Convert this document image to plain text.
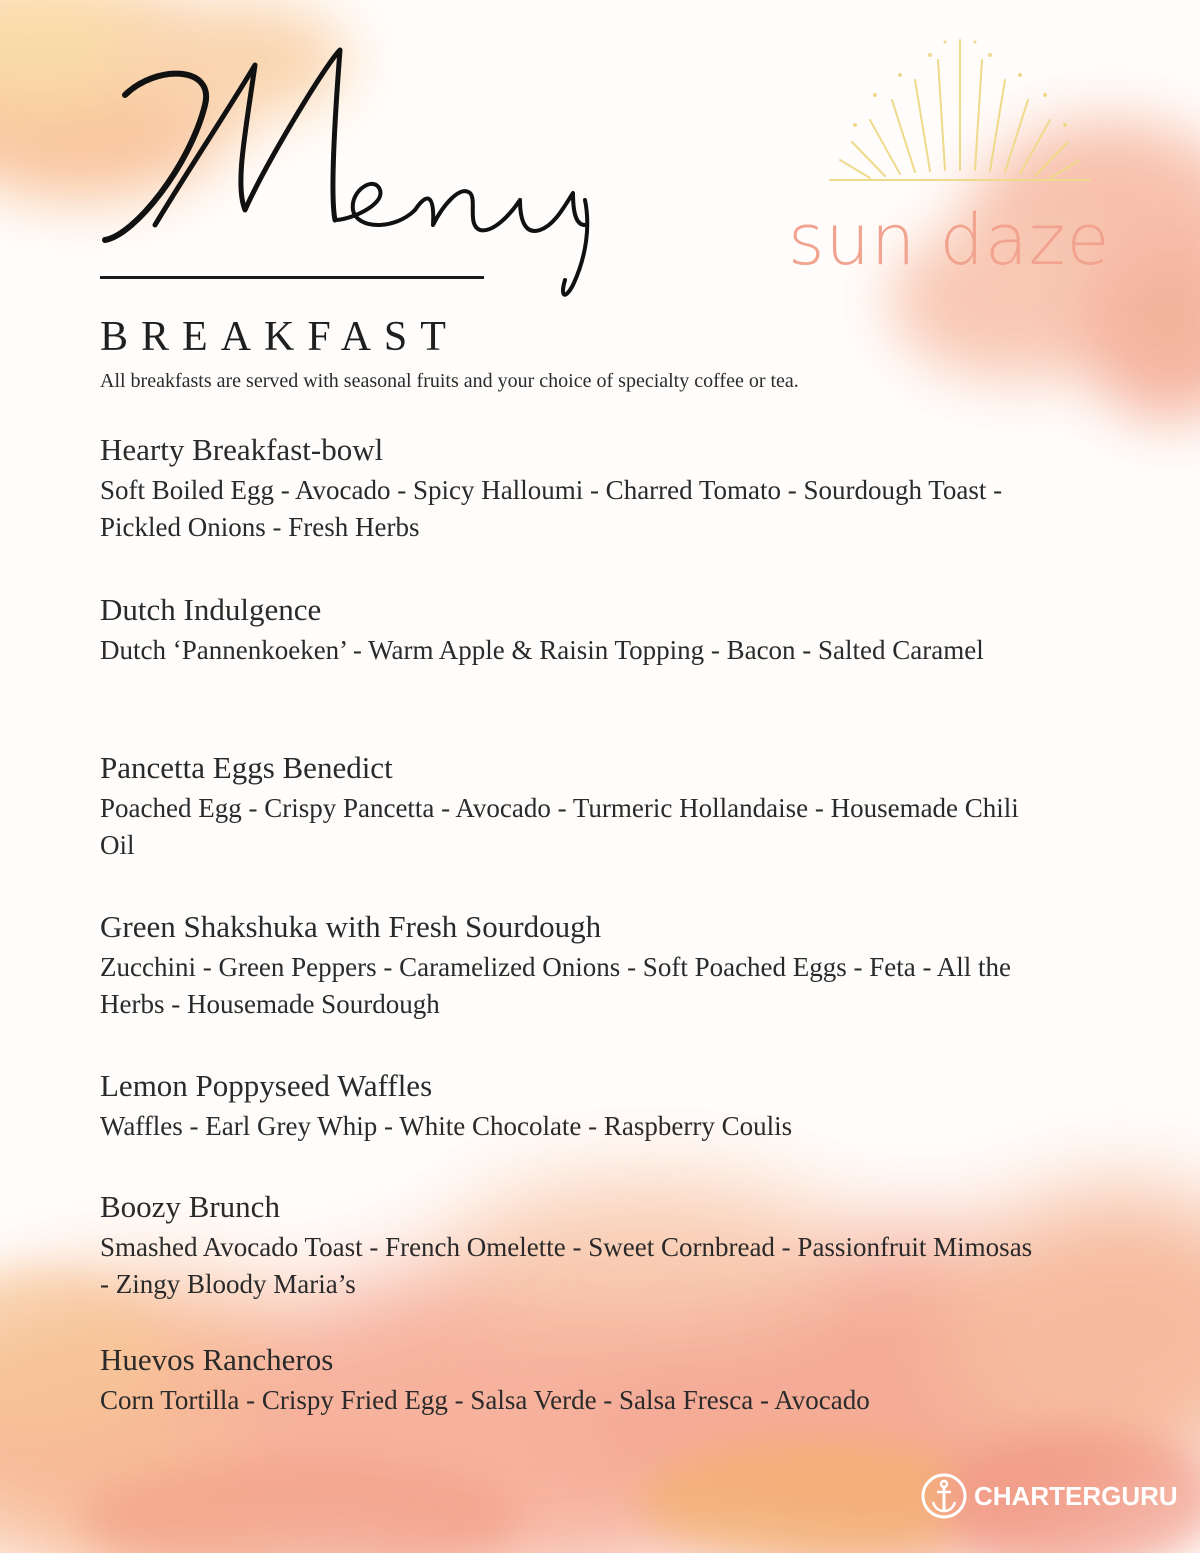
sun daze
BREAKFAST
All breakfasts are served with seasonal fruits and your choice of specialty coffee or tea.

Hearty Breakfast-bowl

Soft Boiled Egg - Avocado - Spicy Halloumi - Charred Tomato - Sourdough Toast - Pickled Onions - Fresh Herbs

Dutch Indulgence

Dutch ‘Pannenkoeken’ - Warm Apple & Raisin Topping - Bacon - Salted Caramel

Pancetta Eggs Benedict

Poached Egg - Crispy Pancetta - Avocado - Turmeric Hollandaise - Housemade Chili Oil

Green Shakshuka with Fresh Sourdough

Zucchini - Green Peppers - Caramelized Onions - Soft Poached Eggs - Feta - All the Herbs - Housemade Sourdough

Lemon Poppyseed Waffles

Waffles - Earl Grey Whip - White Chocolate - Raspberry Coulis

Boozy Brunch

Smashed Avocado Toast - French Omelette - Sweet Cornbread - Passionfruit Mimosas - Zingy Bloody Maria’s

Huevos Rancheros

Corn Tortilla - Crispy Fried Egg - Salsa Verde - Salsa Fresca - Avocado

CHARTERGURU
